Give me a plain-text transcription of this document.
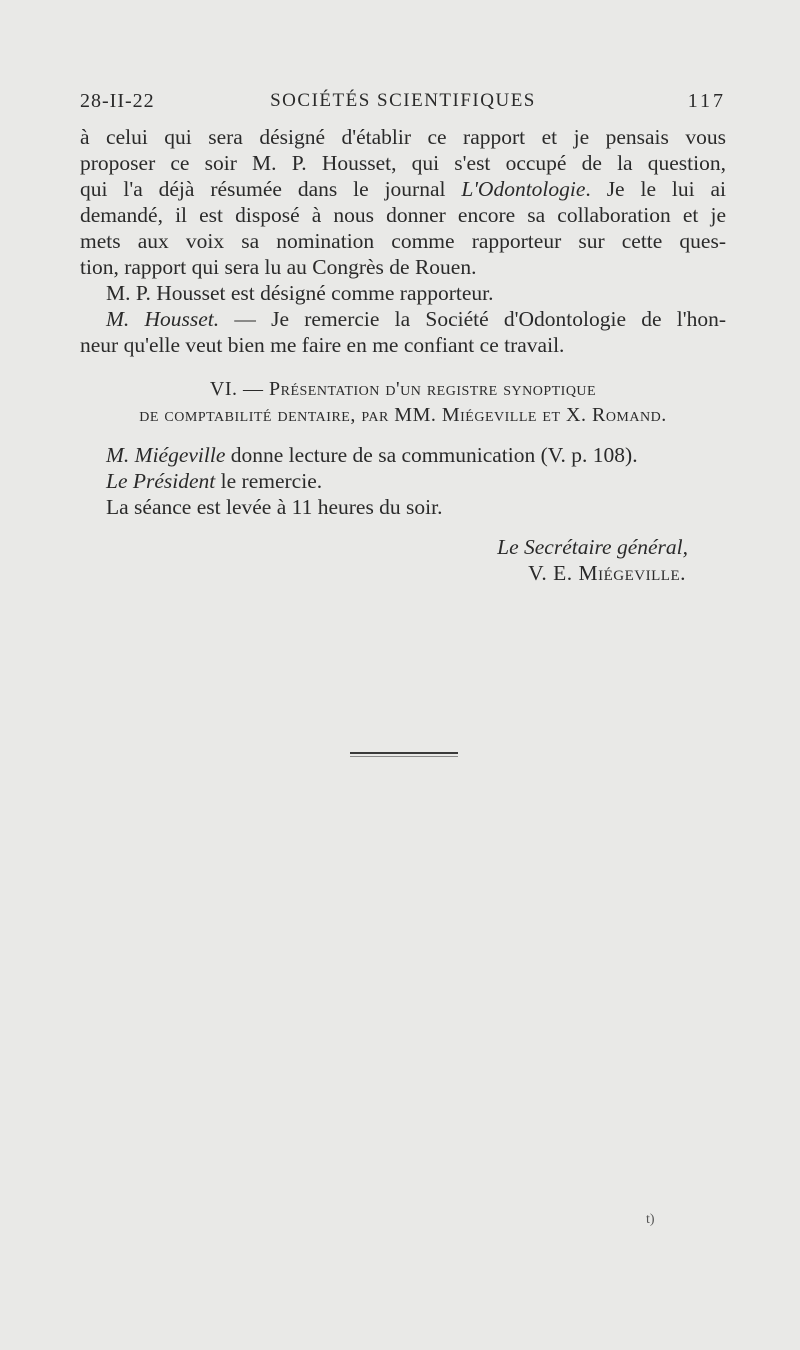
28-II-22	SOCIÉTÉS SCIENTIFIQUES	117

à celui qui sera désigné d'établir ce rapport et je pensais vous
proposer ce soir M. P. Housset, qui s'est occupé de la question,
qui l'a déjà résumée dans le journal L'Odontologie. Je le lui ai
demandé, il est disposé à nous donner encore sa collaboration et je
mets aux voix sa nomination comme rapporteur sur cette ques-
tion, rapport qui sera lu au Congrès de Rouen.

M. P. Housset est désigné comme rapporteur.

M. Housset. — Je remercie la Société d'Odontologie de l'hon-
neur qu'elle veut bien me faire en me confiant ce travail.

VI. — Présentation d'un registre synoptique
de comptabilité dentaire, par MM. Miégeville et X. Romand.

M. Miégeville donne lecture de sa communication (V. p. 108).

Le Président le remercie.

La séance est levée à 11 heures du soir.

Le Secrétaire général,
V. E. Miégeville.
t)
